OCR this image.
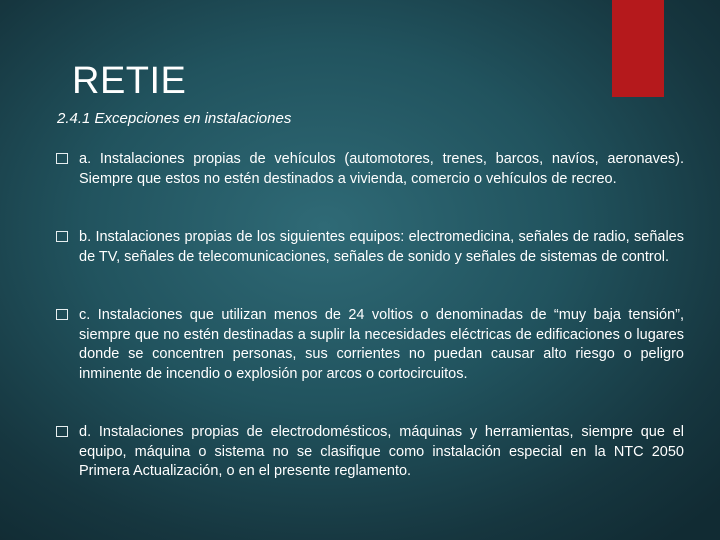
RETIE

2.4.1 Excepciones en instalaciones

a. Instalaciones propias de vehículos (automotores, trenes, barcos, navíos, aeronaves). Siempre que estos no estén destinados a vivienda, comercio o vehículos de recreo.
b. Instalaciones propias de los siguientes equipos: electromedicina, señales de radio, señales de TV, señales de telecomunicaciones, señales de sonido y señales de sistemas de control.
c. Instalaciones que utilizan menos de 24 voltios o denominadas de “muy baja tensión”, siempre que no estén destinadas a suplir la necesidades eléctricas de edificaciones o lugares donde se concentren personas, sus corrientes no puedan causar alto riesgo o peligro inminente de incendio o explosión por arcos o cortocircuitos.
d. Instalaciones propias de electrodomésticos, máquinas y herramientas, siempre que el equipo, máquina o sistema no se clasifique como instalación especial en la NTC 2050 Primera Actualización, o en el presente reglamento.
